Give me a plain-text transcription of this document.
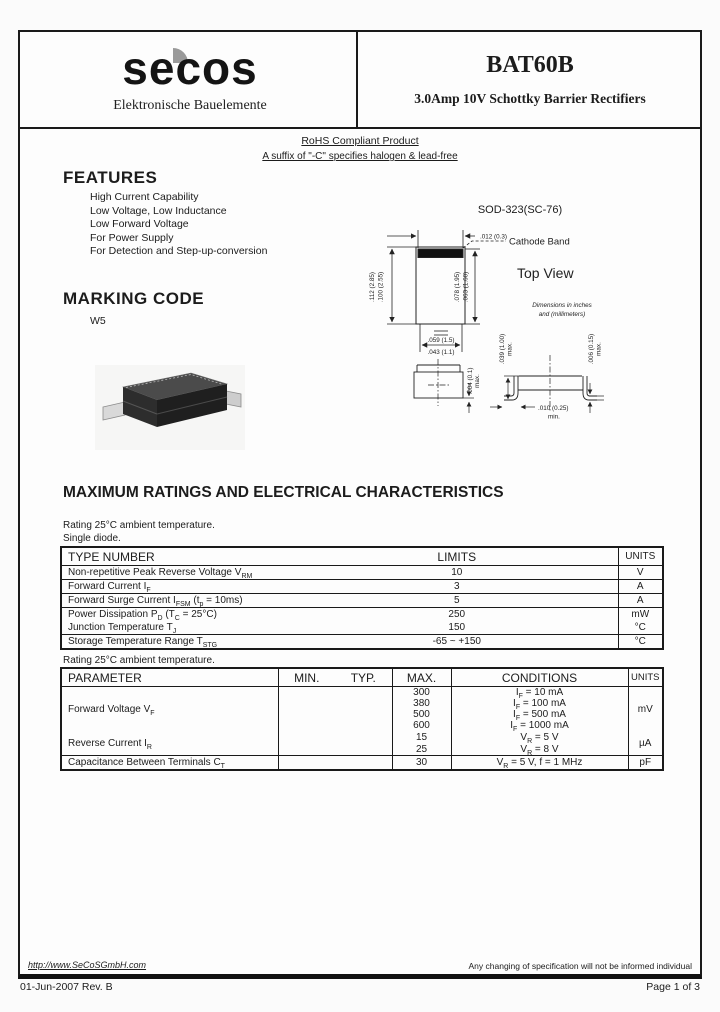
secos
Elektronische Bauelemente
BAT60B
3.0Amp 10V Schottky Barrier Rectifiers
RoHS Compliant Product
A suffix of "-C" specifies halogen & lead-free
FEATURES
High Current Capability
Low Voltage, Low Inductance
Low Forward Voltage
For Power Supply
For Detection and Step-up-conversion
MARKING CODE
W5
SOD-323(SC-76)
.012 (0.3) Cathode Band
.112 (2.85) .100 (2.55)	.078 (1.95) .063 (1.60)	Top View
Dimensions in inches
and (millimeters)
.059 (1.5)
.043 (1.1)
.004 (0.1) max.
.039 (1.00) max.	.006 (0.15) max.
.010 (0.25)
min.
MAXIMUM RATINGS AND ELECTRICAL CHARACTERISTICS
Rating 25°C ambient temperature.
Single diode.
TYPE NUMBER	LIMITS	UNITS
Non-repetitive Peak Reverse Voltage $V_{RM}$	10	V
Forward Current $I_F$	3	A
Forward Surge Current $I_{FSM}$ $(t_p = 10ms)$	5	A
Power Dissipation $P_D$ $(T_C = 25^\circ C)$	250	mW
Junction Temperature $T_J$	150	°C
Storage Temperature Range $T_{STG}$	-65 ~ +150	°C
Rating 25°C ambient temperature.
PARAMETER	MIN.	TYP.	MAX.	CONDITIONS	UNITS
Forward Voltage $V_F$			300	$I_F = 10$ mA	mV
			380	$I_F = 100$ mA	
			500	$I_F = 500$ mA	
			600	$I_F = 1000$ mA	
Reverse Current $I_R$			15	$V_R = 5$ V	µA
			25	$V_R = 8$ V	
Capacitance Between Terminals $C_T$			30	$V_R = 5$ V, f = 1 MHz	pF
http://www.SeCoSGmbH.com	Any changing of specification will not be informed individual
01-Jun-2007 Rev. B	Page 1 of 3
